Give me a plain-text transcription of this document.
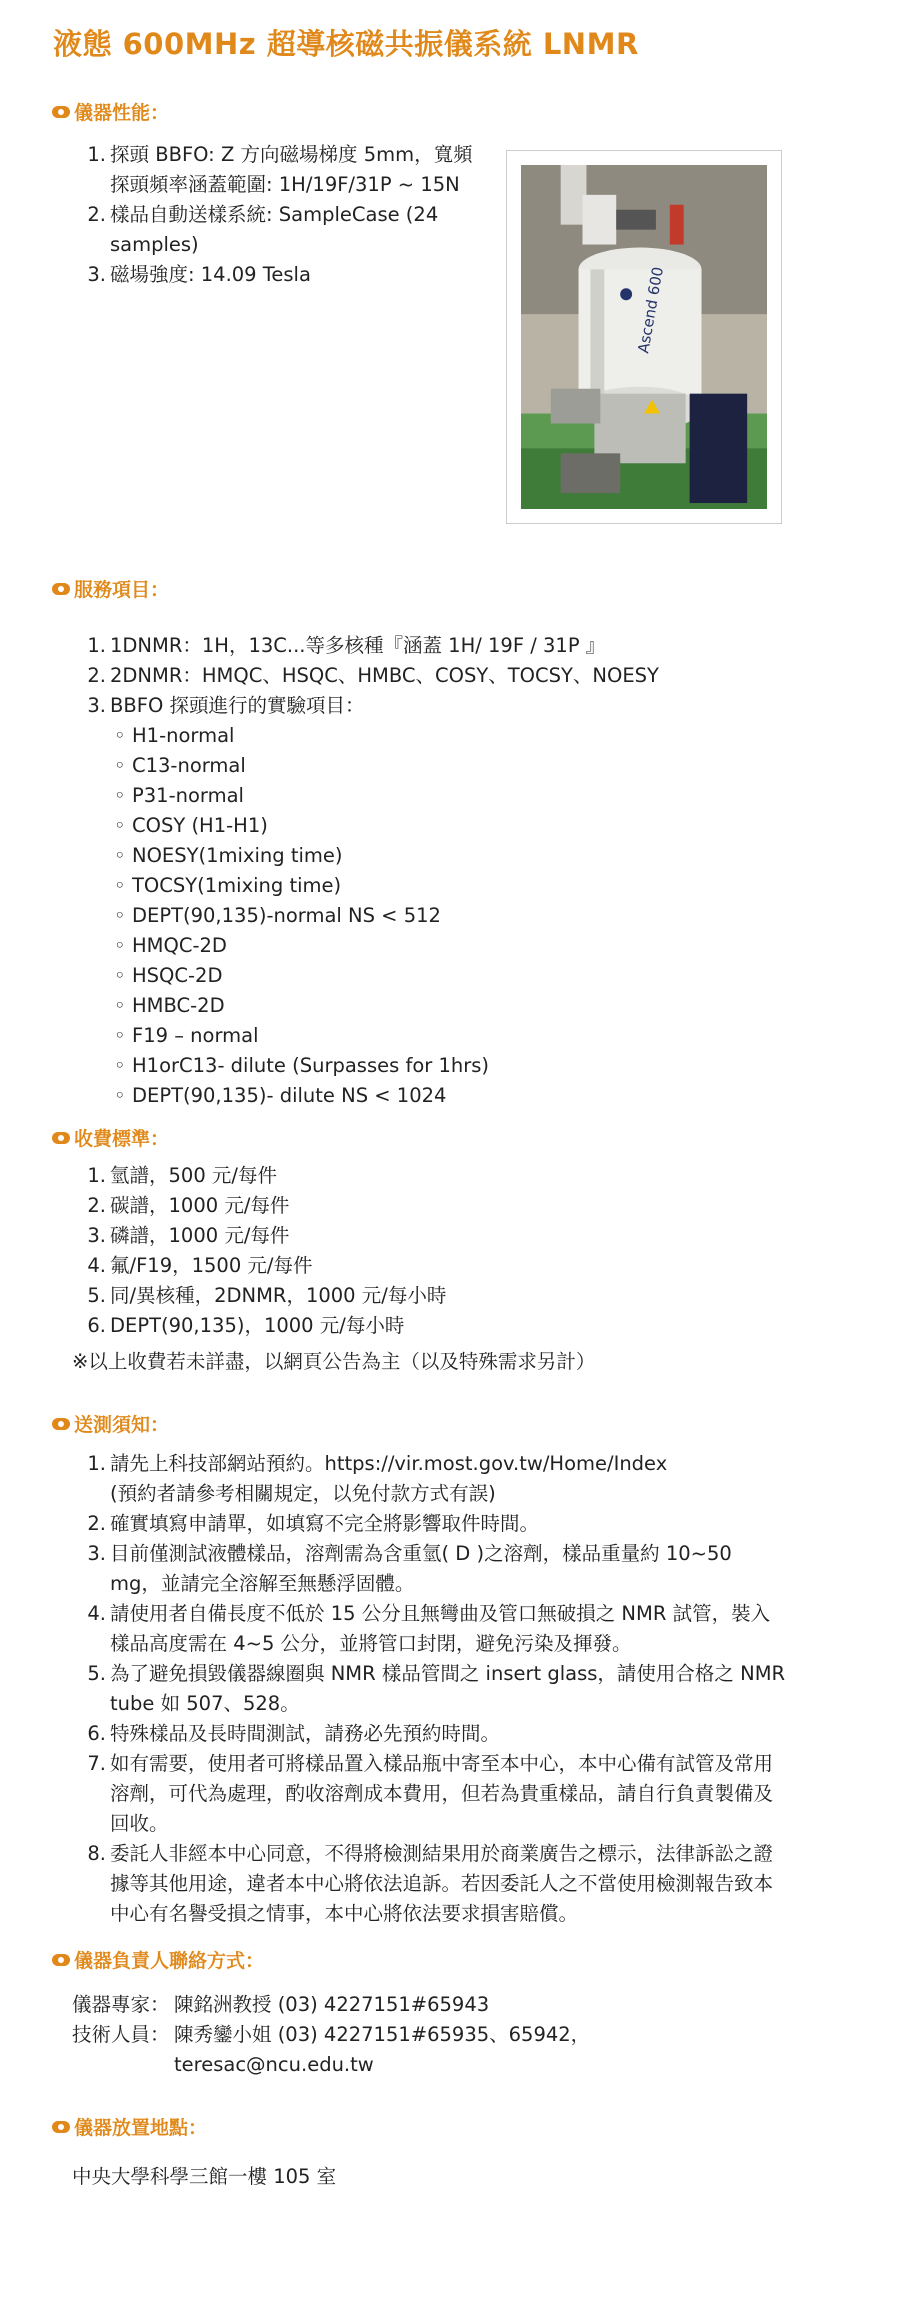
液態 600MHz 超導核磁共振儀系統 LNMR
儀器性能：
1. 探頭 BBFO: Z 方向磁場梯度 5mm，寬頻
探頭頻率涵蓋範圍: 1H/19F/31P ~ 15N
2. 樣品自動送樣系統: SampleCase (24
samples)
3. 磁場強度: 14.09 Tesla	Ascend 600
服務項目：
1. 1DNMR：1H，13C...等多核種『涵蓋 1H/ 19F / 31P 』
2. 2DNMR：HMQC、HSQC、HMBC、COSY、TOCSY、NOESY
3. BBFO 探頭進行的實驗項目：
◦ H1-normal
◦ C13-normal
◦ P31-normal
◦ COSY (H1-H1)
◦ NOESY(1mixing time)
◦ TOCSY(1mixing time)
◦ DEPT(90,135)-normal NS < 512
◦ HMQC-2D
◦ HSQC-2D
◦ HMBC-2D
◦ F19 – normal
◦ H1orC13- dilute (Surpasses for 1hrs)
◦ DEPT(90,135)- dilute NS < 1024
收費標準：
1. 氫譜，500 元/每件
2. 碳譜，1000 元/每件
3. 磷譜，1000 元/每件
4. 氟/F19，1500 元/每件
5. 同/異核種，2DNMR，1000 元/每小時
6. DEPT(90,135)，1000 元/每小時
※以上收費若未詳盡，以網頁公告為主（以及特殊需求另計）
送測須知：
1. 請先上科技部網站預約。https://vir.most.gov.tw/Home/Index
(預約者請參考相關規定，以免付款方式有誤)
2. 確實填寫申請單，如填寫不完全將影響取件時間。
3. 目前僅測試液體樣品，溶劑需為含重氫( D )之溶劑，樣品重量約 10~50
mg，並請完全溶解至無懸浮固體。
4. 請使用者自備長度不低於 15 公分且無彎曲及管口無破損之 NMR 試管，裝入
樣品高度需在 4~5 公分，並將管口封閉，避免污染及揮發。
5. 為了避免損毀儀器線圈與 NMR 樣品管間之 insert glass，請使用合格之 NMR
tube 如 507、528。
6. 特殊樣品及長時間測試，請務必先預約時間。
7. 如有需要，使用者可將樣品置入樣品瓶中寄至本中心，本中心備有試管及常用
溶劑，可代為處理，酌收溶劑成本費用，但若為貴重樣品，請自行負責製備及
回收。
8. 委託人非經本中心同意，不得將檢測結果用於商業廣告之標示，法律訴訟之證
據等其他用途，違者本中心將依法追訴。若因委託人之不當使用檢測報告致本
中心有名譽受損之情事，本中心將依法要求損害賠償。
儀器負責人聯絡方式：
儀器專家： 陳銘洲教授 (03) 4227151#65943
技術人員： 陳秀鑾小姐 (03) 4227151#65935、65942，
teresac@ncu.edu.tw
儀器放置地點：
中央大學科學三館一樓 105 室
